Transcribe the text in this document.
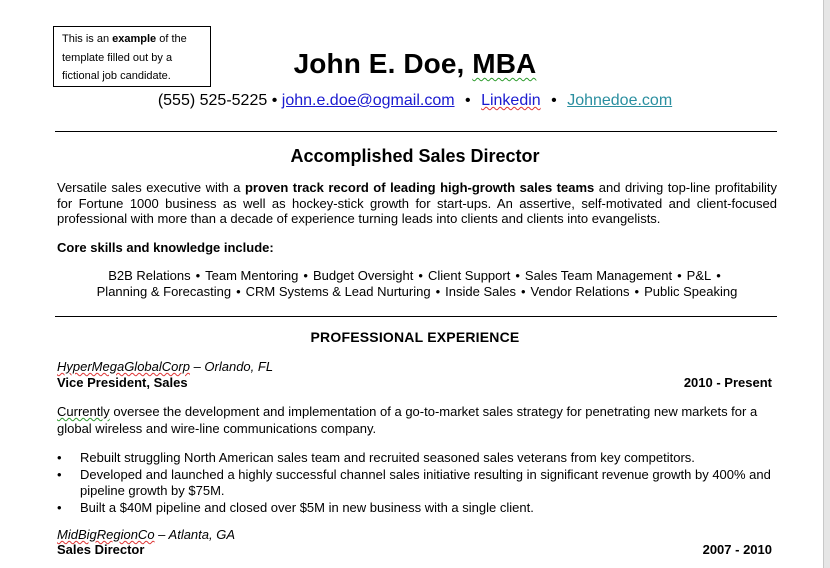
This is an example of the template filled out by a fictional job candidate.	John E. Doe, MBA
(555) 525-5225 • john.e.doe@ogmail.com • Linkedin • Johnedoe.com
Accomplished Sales Director
Versatile sales executive with a proven track record of leading high-growth sales teams and driving top-line profitability for Fortune 1000 business as well as hockey-stick growth for start-ups. An assertive, self-motivated and client-focused professional with more than a decade of experience turning leads into clients and clients into evangelists.
Core skills and knowledge include:
B2B Relations • Team Mentoring • Budget Oversight • Client Support • Sales Team Management • P&L •
Planning & Forecasting • CRM Systems & Lead Nurturing • Inside Sales • Vendor Relations • Public Speaking
PROFESSIONAL EXPERIENCE
HyperMegaGlobalCorp – Orlando, FL
Vice President, Sales	2010 - Present
Currently oversee the development and implementation of a go-to-market sales strategy for penetrating new markets for a global wireless and wire-line communications company.
• Rebuilt struggling North American sales team and recruited seasoned sales veterans from key competitors.
• Developed and launched a highly successful channel sales initiative resulting in significant revenue growth by 400% and pipeline growth by $75M.
• Built a $40M pipeline and closed over $5M in new business with a single client.
MidBigRegionCo – Atlanta, GA
Sales Director	2007 - 2010
